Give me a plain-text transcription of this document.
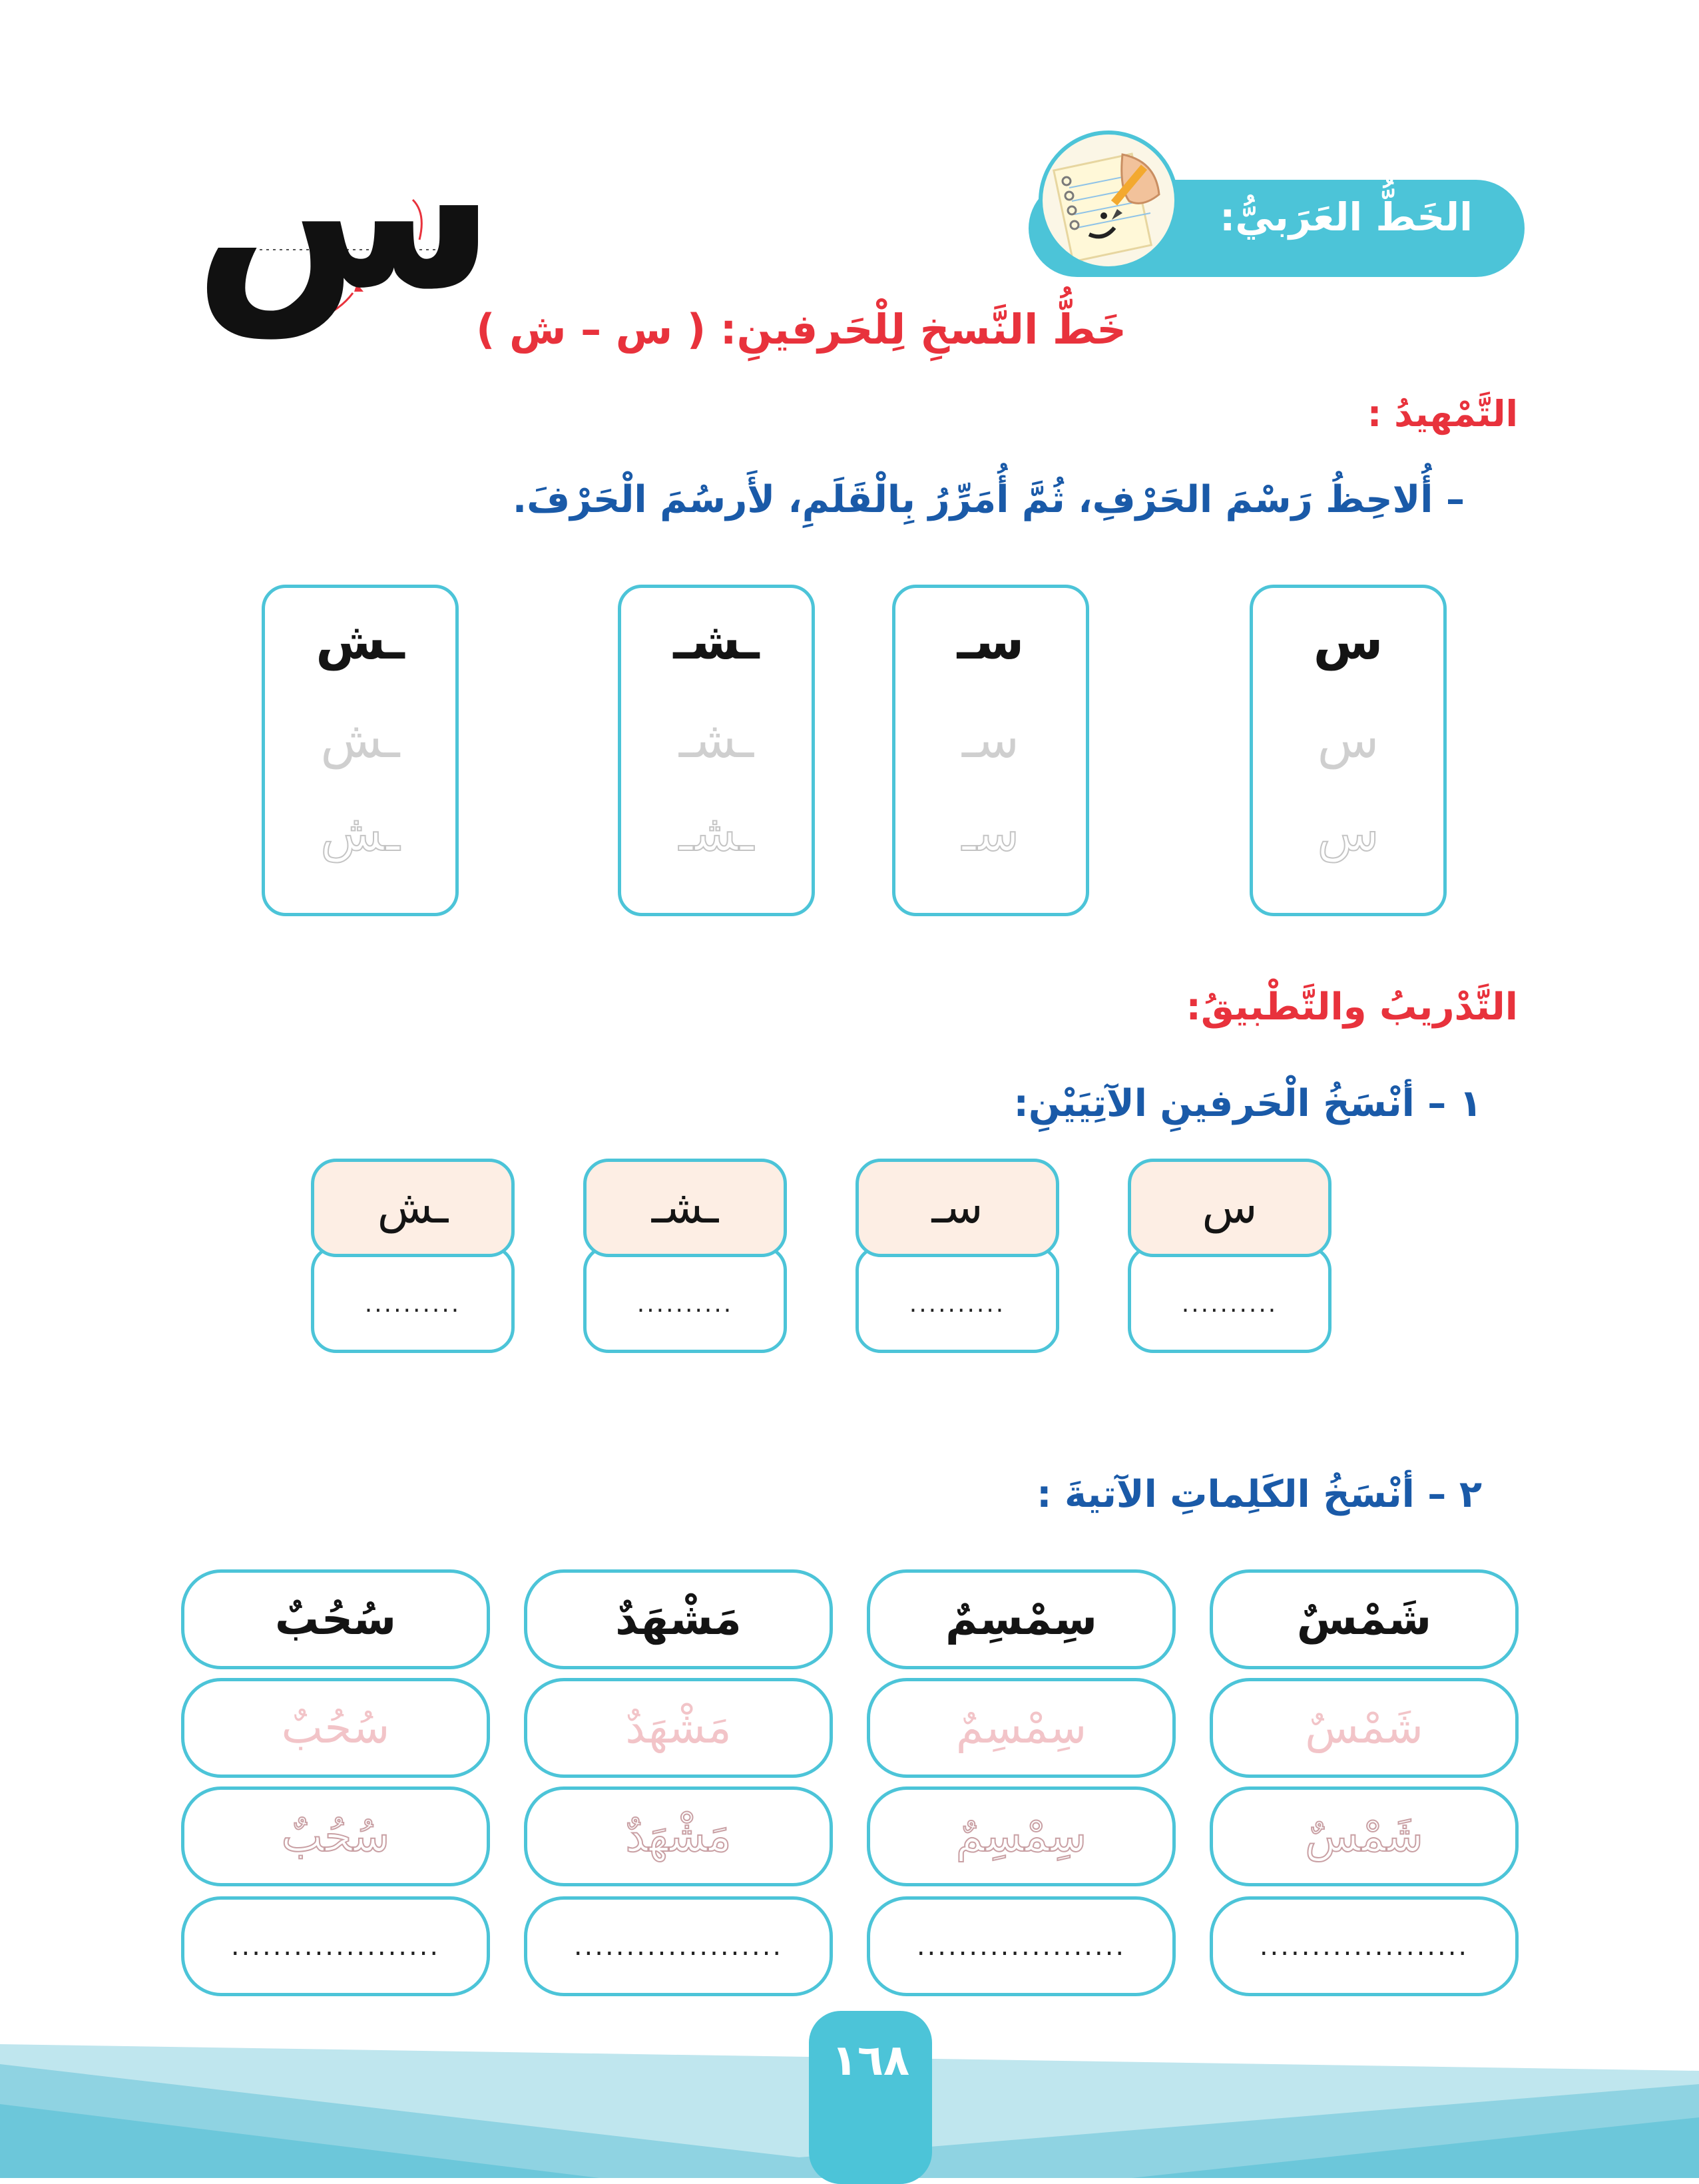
الخَطُّ العَرَبيُّ:
س
خَطُّ النَّسخِ لِلْحَرفينِ: ( س – ش )
التَّمْهيدُ :
– أُلاحِظُ رَسْمَ الحَرْفِ، ثُمَّ أُمَرِّرُ بِالْقَلَمِ، لأَرسُمَ الْحَرْفَ.
س
س
س
سـ
سـ
سـ
ـشـ
ـشـ
ـشـ
ـش
ـش
ـش
التَّدْريبُ والتَّطْبيقُ:
١ – أنْسَخُ الْحَرفينِ الآتِيَيْنِ:
س
..........
سـ
..........
ـشـ
..........
ـش
..........
٢ – أنْسَخُ الكَلِماتِ الآتيةَ :
شَمْسٌ
شَمْسٌ
شَمْسٌ
....................
سِمْسِمٌ
سِمْسِمٌ
سِمْسِمٌ
....................
مَشْهَدٌ
مَشْهَدٌ
مَشْهَدٌ
....................
سُحُبٌ
سُحُبٌ
سُحُبٌ
....................
١٦٨
